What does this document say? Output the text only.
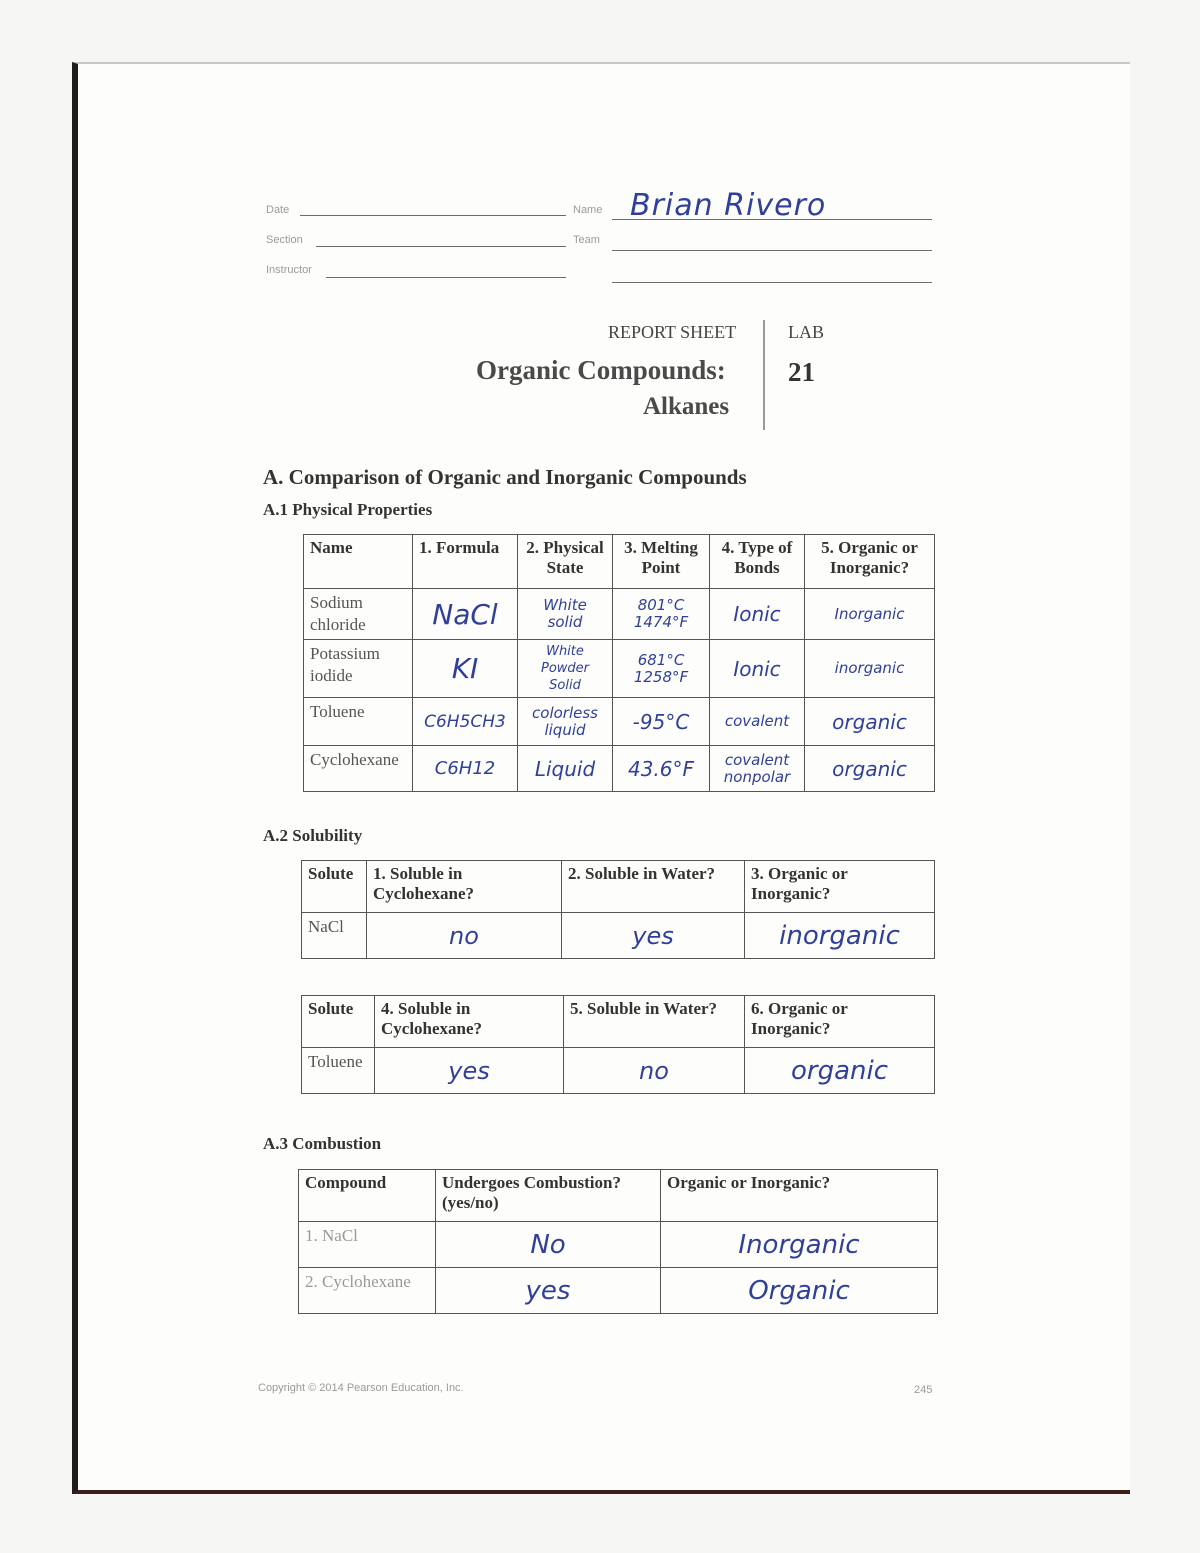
Date
Section
Instructor
Name Brian Rivero
Team
REPORT SHEET	LAB
Organic Compounds:
Alkanes
21
A. Comparison of Organic and Inorganic Compounds
A.1 Physical Properties
Name	1. Formula	2. Physical State	3. Melting Point	4. Type of Bonds	5. Organic or Inorganic?
Sodium chloride	NaCl	White solid	801°C 1474°F	Ionic	Inorganic
Potassium iodide	KI	White Powder Solid	681°C 1258°F	Ionic	inorganic
Toluene	C6H5CH3	colorless liquid	-95°C	covalent	organic
Cyclohexane	C6H12	Liquid	43.6°F	covalent nonpolar	organic
A.2 Solubility
Solute	1. Soluble in Cyclohexane?	2. Soluble in Water?	3. Organic or Inorganic?
NaCl	no	yes	inorganic
Solute	4. Soluble in Cyclohexane?	5. Soluble in Water?	6. Organic or Inorganic?
Toluene	yes	no	organic
A.3 Combustion
Compound	Undergoes Combustion? (yes/no)	Organic or Inorganic?
1. NaCl	No	Inorganic
2. Cyclohexane	yes	Organic
Copyright © 2014 Pearson Education, Inc.	245
